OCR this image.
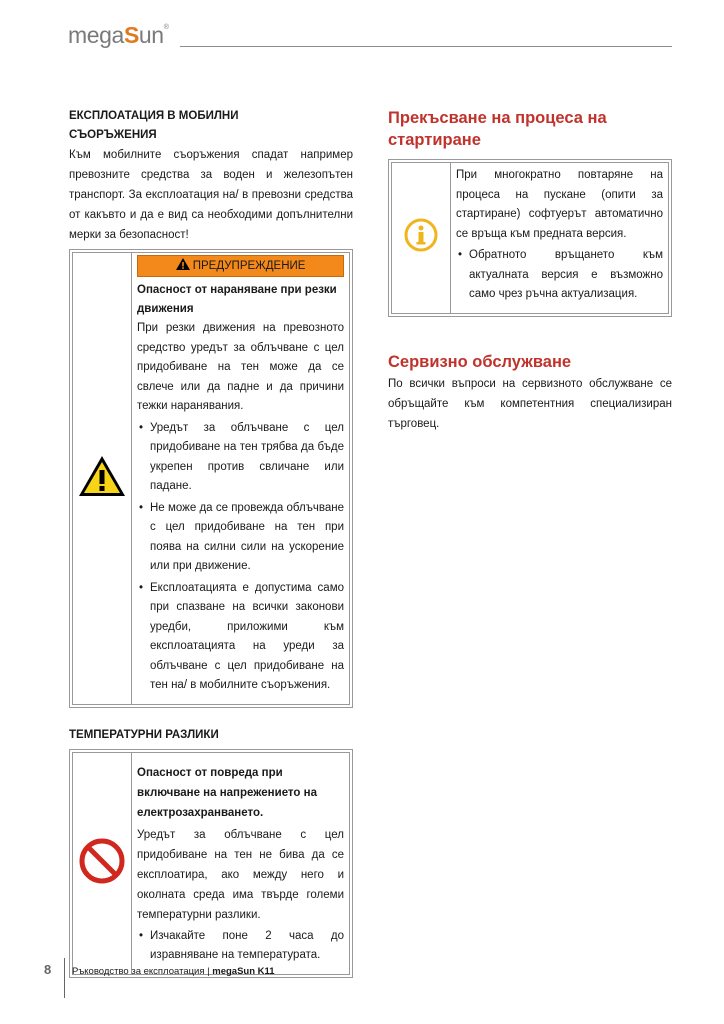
megaSun®
ЕКСПЛОАТАЦИЯ В МОБИЛНИ
СЪОРЪЖЕНИЯ

Към мобилните съоръжения спадат например превозните средства за воден и железопътен транспорт. За експлоатация на/ в превозни средства от какъвто и да е вид са необходими допълнителни мерки за безопасност!

ПРЕДУПРЕЖДЕНИЕ
Опасност от нараняване при резки движения

При резки движения на превозното средство уредът за облъчване с цел придобиване на тен може да се свлече или да падне и да причини тежки наранявания.

• Уредът за облъчване с цел придобиване на тен трябва да бъде укрепен против свличане или падане.
• Не може да се провежда облъчване с цел придобиване на тен при поява на силни сили на ускорение или при движение.
• Експлоатацията е допустима само при спазване на всички законови уредби, приложими към експлоатацията на уреди за облъчване с цел придобиване на тен на/ в мобилните съоръжения.
ТЕМПЕРАТУРНИ РАЗЛИКИ

Опасност от повреда при включване на напрежението на електрозахранването.

Уредът за облъчване с цел придобиване на тен не бива да се експлоатира, ако между него и околната среда има твърде големи температурни разлики.

• Изчакайте поне 2 часа до изравняване на температурата.
Прекъсване на процеса на стартиране

При многократно повтаряне на процеса на пускане (опити за стартиране) софтуерът автоматично се връща към предната версия.

• Обратното връщането към актуалната версия е възможно само чрез ръчна актуализация.
Сервизно обслужване

По всички въпроси на сервизното обслужване се обръщайте към компетентния специализиран търговец.

8 Ръководство за експлоатация | megaSun K11
